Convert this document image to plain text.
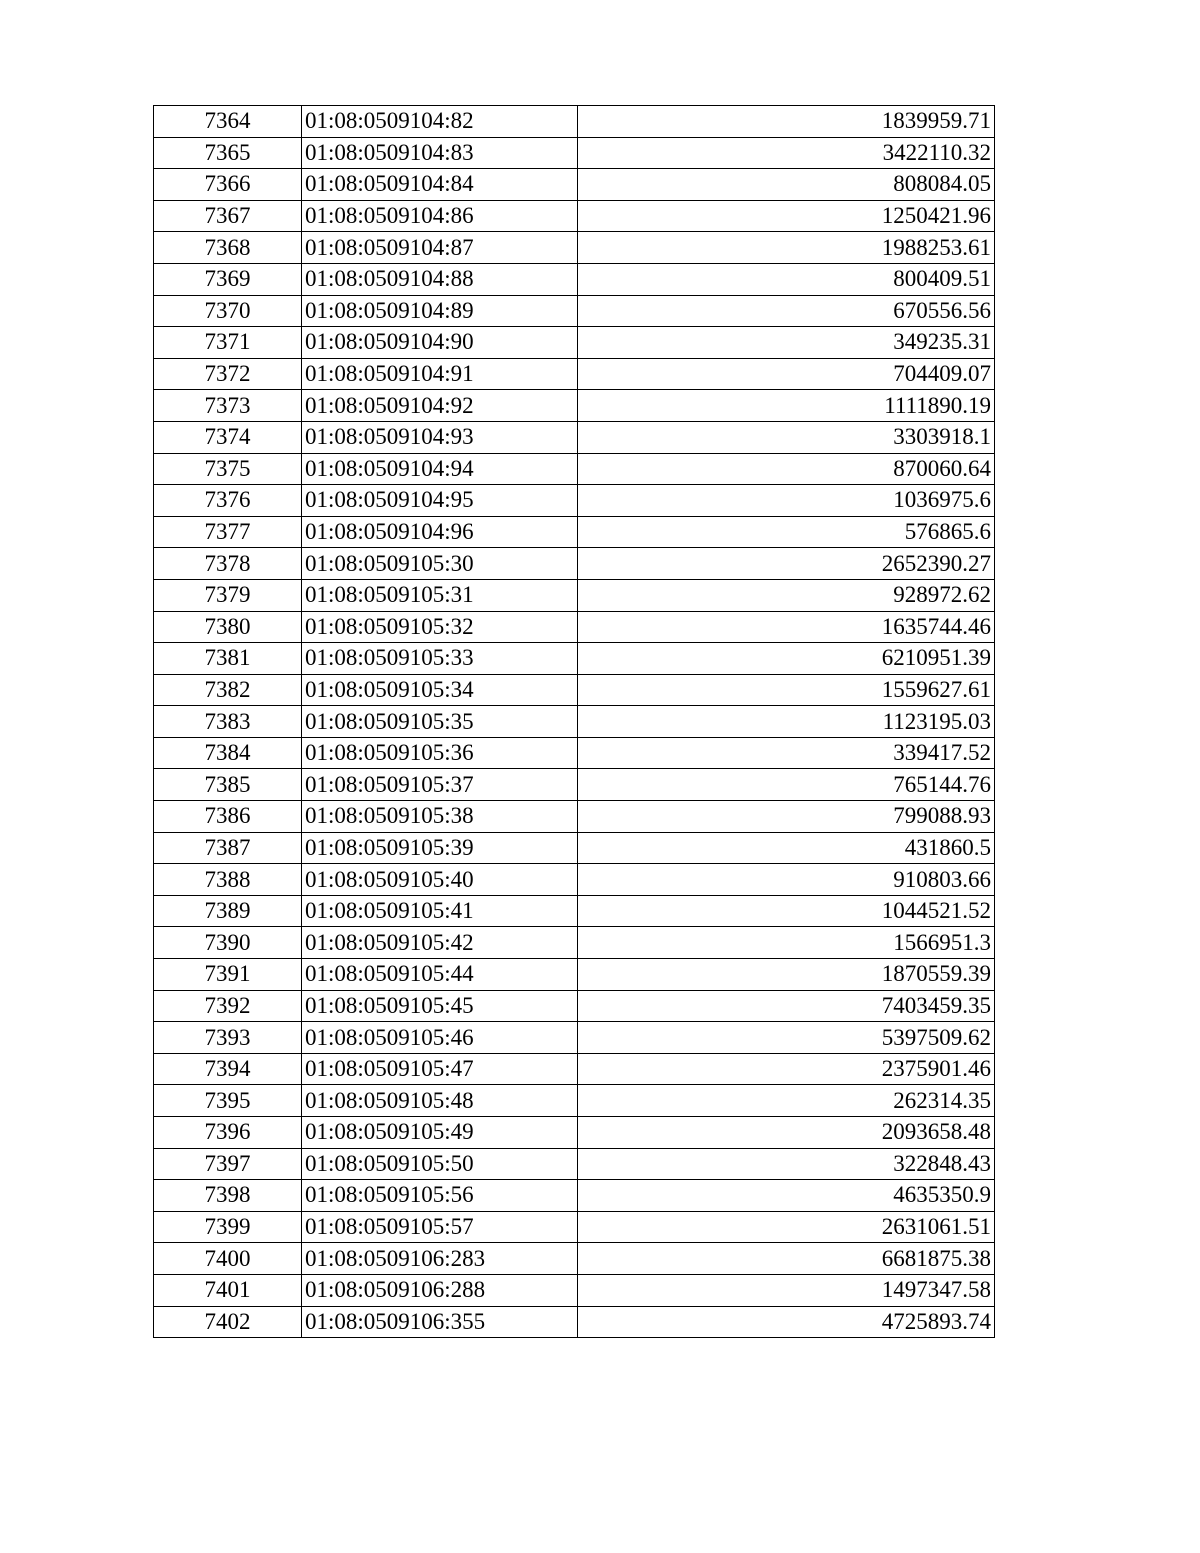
7364	01:08:0509104:82	1839959.71
7365	01:08:0509104:83	3422110.32
7366	01:08:0509104:84	808084.05
7367	01:08:0509104:86	1250421.96
7368	01:08:0509104:87	1988253.61
7369	01:08:0509104:88	800409.51
7370	01:08:0509104:89	670556.56
7371	01:08:0509104:90	349235.31
7372	01:08:0509104:91	704409.07
7373	01:08:0509104:92	1111890.19
7374	01:08:0509104:93	3303918.1
7375	01:08:0509104:94	870060.64
7376	01:08:0509104:95	1036975.6
7377	01:08:0509104:96	576865.6
7378	01:08:0509105:30	2652390.27
7379	01:08:0509105:31	928972.62
7380	01:08:0509105:32	1635744.46
7381	01:08:0509105:33	6210951.39
7382	01:08:0509105:34	1559627.61
7383	01:08:0509105:35	1123195.03
7384	01:08:0509105:36	339417.52
7385	01:08:0509105:37	765144.76
7386	01:08:0509105:38	799088.93
7387	01:08:0509105:39	431860.5
7388	01:08:0509105:40	910803.66
7389	01:08:0509105:41	1044521.52
7390	01:08:0509105:42	1566951.3
7391	01:08:0509105:44	1870559.39
7392	01:08:0509105:45	7403459.35
7393	01:08:0509105:46	5397509.62
7394	01:08:0509105:47	2375901.46
7395	01:08:0509105:48	262314.35
7396	01:08:0509105:49	2093658.48
7397	01:08:0509105:50	322848.43
7398	01:08:0509105:56	4635350.9
7399	01:08:0509105:57	2631061.51
7400	01:08:0509106:283	6681875.38
7401	01:08:0509106:288	1497347.58
7402	01:08:0509106:355	4725893.74
